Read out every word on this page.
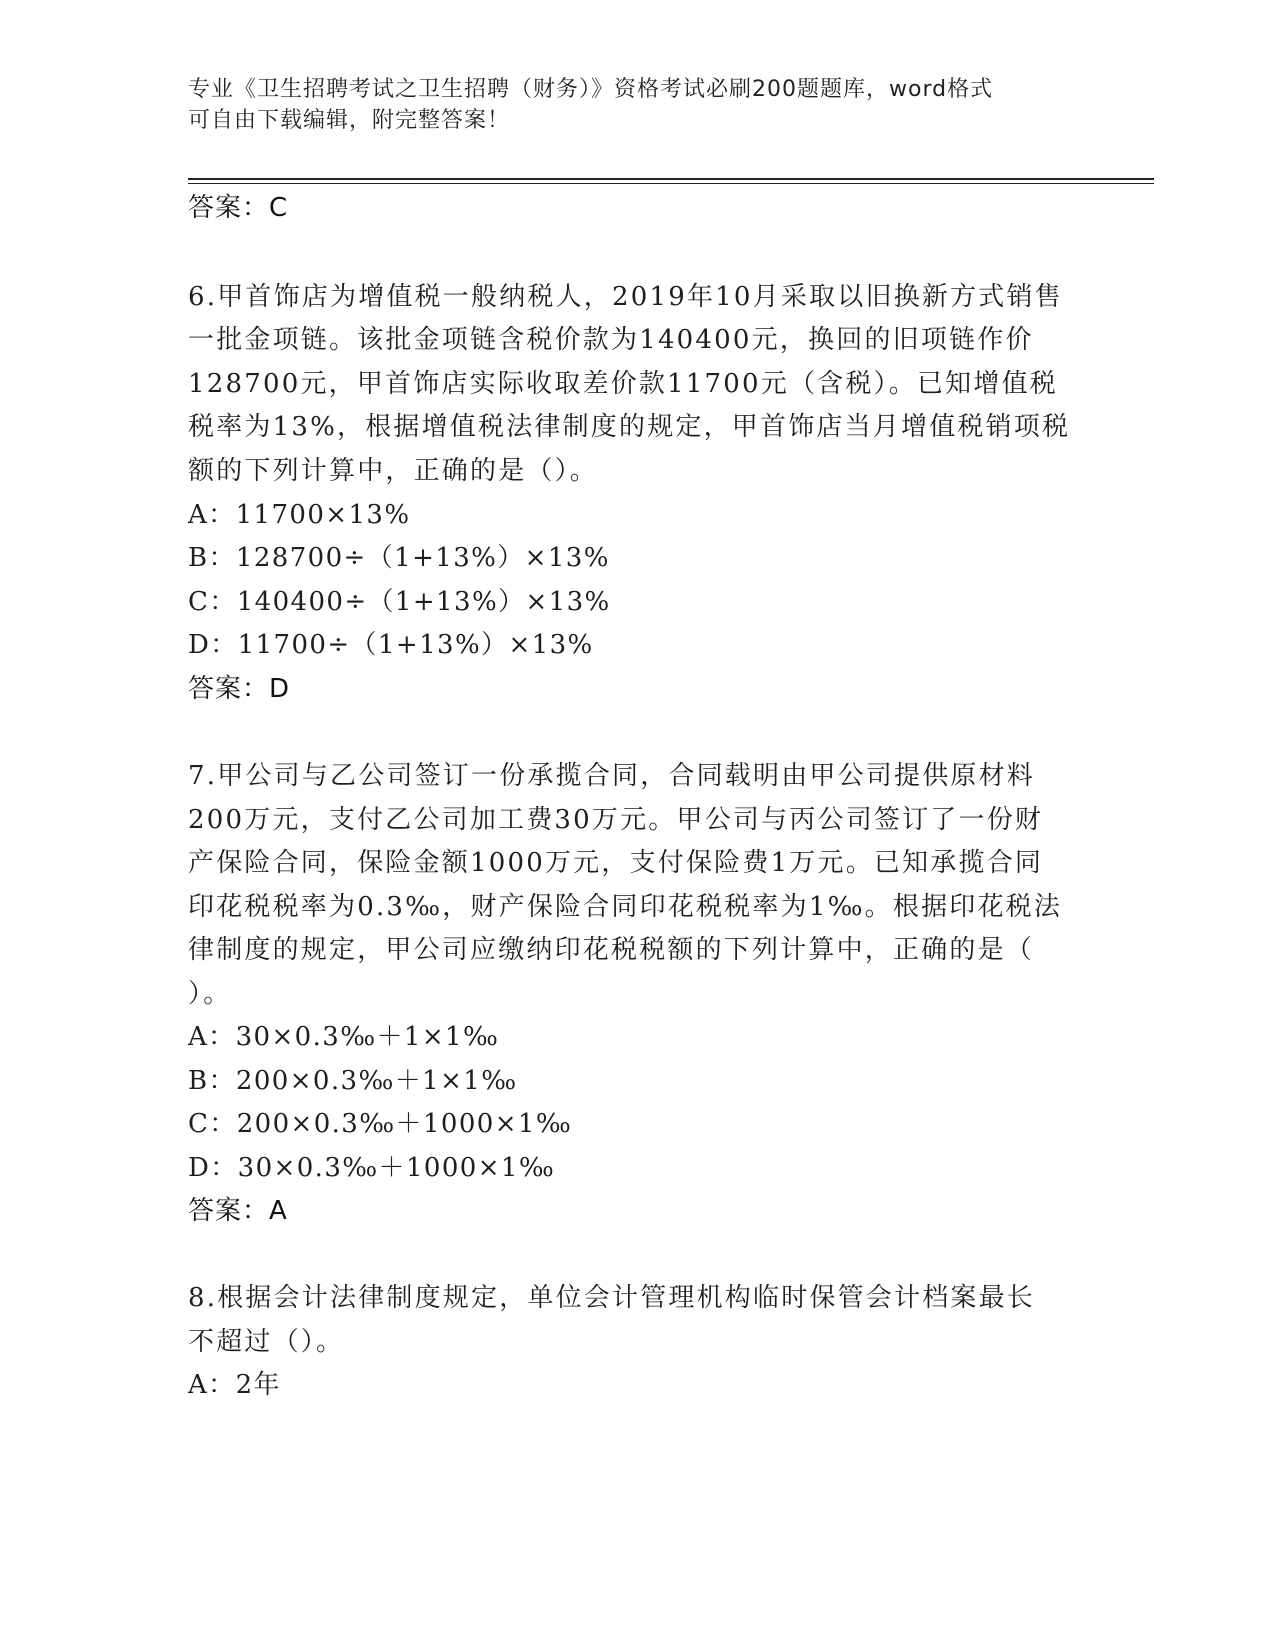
专业《卫生招聘考试之卫生招聘（财务）》资格考试必刷200题题库，word格式
可自由下载编辑，附完整答案！
答案：C
6.甲首饰店为增值税一般纳税人，2019年10月采取以旧换新方式销售
一批金项链。该批金项链含税价款为140400元，换回的旧项链作价
128700元，甲首饰店实际收取差价款11700元（含税）。已知增值税
税率为13%，根据增值税法律制度的规定，甲首饰店当月增值税销项税
额的下列计算中，正确的是（）。
A：11700×13%
B：128700÷（1+13%）×13%
C：140400÷（1+13%）×13%
D：11700÷（1+13%）×13%
答案：D
7.甲公司与乙公司签订一份承揽合同，合同载明由甲公司提供原材料
200万元，支付乙公司加工费30万元。甲公司与丙公司签订了一份财
产保险合同，保险金额1000万元，支付保险费1万元。已知承揽合同
印花税税率为0.3‰，财产保险合同印花税税率为1‰。根据印花税法
律制度的规定，甲公司应缴纳印花税税额的下列计算中，正确的是（
）。
A：30×0.3‰＋1×1‰
B：200×0.3‰＋1×1‰
C：200×0.3‰＋1000×1‰
D：30×0.3‰＋1000×1‰
答案：A
8.根据会计法律制度规定，单位会计管理机构临时保管会计档案最长
不超过（）。
A：2年
